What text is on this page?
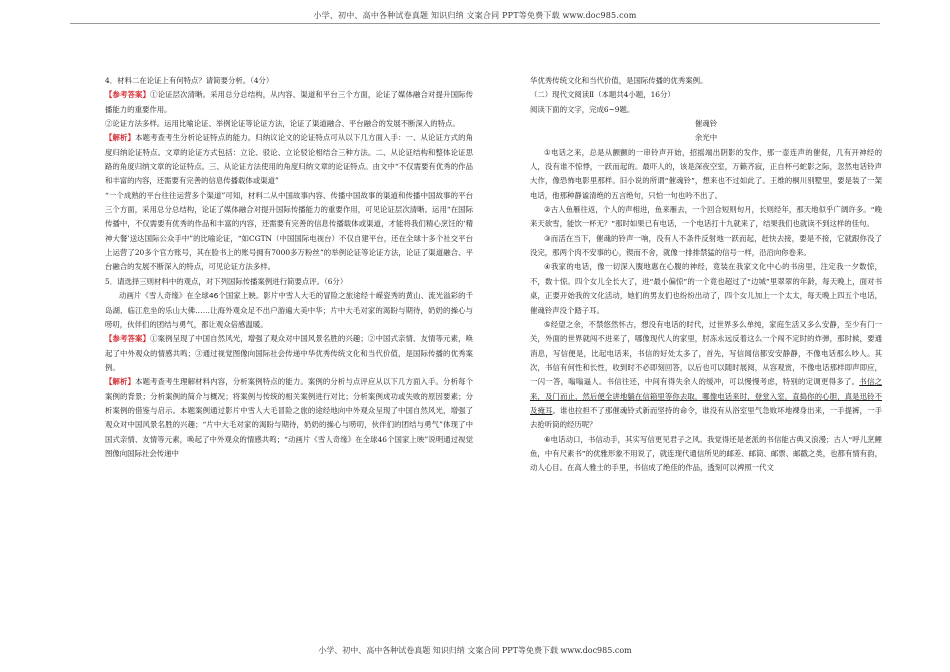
小学、初中、高中各种试卷真题 知识归纳 文案合同 PPT等免费下载 www.doc985.com

4．材料二在论证上有何特点？请简要分析。（4分）

【参考答案】①论证层次清晰。采用总分总结构，从内容、渠道和平台三个方面，论证了媒体融合对提升国际传播能力的重要作用。

②论证方法多样。运用比喻论证、举例论证等论证方法，论证了渠道融合、平台融合的发展不断深入的特点。

【解析】本题考查考生分析论证特点的能力。归纳议论文的论证特点可从以下几方面入手：一、从论证方式的角度归纳论证特点。文章的论证方式包括：立论、驳论、立论驳论相结合三种方法。二、从论证结构和整体论证思路的角度归纳文章的论证特点。三、从论证方法使用的角度归纳文章的论证特点。由文中“不仅需要有优秀的作品和丰富的内容，还需要有完善的信息传播载体或渠道”

“一个成熟的平台往往运营多个渠道”可知，材料二从中国故事内容、传播中国故事的渠道和传播中国故事的平台三个方面，采用总分总结构，论证了媒体融合对提升国际传播能力的重要作用，可见论证层次清晰。运用“在国际传播中，不仅需要有优秀的作品和丰富的内容，还需要有完善的信息传播载体或渠道，才能将我们精心烹饪的‘精神大餐’送达国际公众手中”的比喻论证，“如CGTN（中国国际电视台）不仅自建平台，还在全球十多个社交平台上运营了20多个官方账号，其在脸书上的账号拥有7000多万粉丝”的举例论证等论证方法，论证了渠道融合、平台融合的发展不断深入的特点，可见论证方法多样。

5．请选择三则材料中的观点，对下列国际传播案例进行简要点评。（6分）

动画片《雪人奇缘》在全球46个国家上映。影片中雪人大毛的冒险之旅途经十嵘瓷秀的黄山、流光溢彩的千岛湖、临江危坐的乐山大佛……让海外观众足不出户游遍大美中华；片中大毛对家的渴盼与期待，奶奶的操心与唠叨，伙伴们的团结与勇气，都让观众倍感温暖。

【参考答案】①案例呈现了中国自然风光，增强了观众对中国风景名胜的兴趣；②中国式亲情、友情等元素，唤起了中外观众的情感共鸣；③通过视觉图像向国际社会传递中华优秀传统文化和当代价值，是国际传播的优秀案例。

【解析】本题考查考生理解材料内容，分析案例特点的能力。案例的分析与点评应从以下几方面入手。分析每个案例的背景；分析案例的简介与概况；将案例与传统的相关案例进行对比；分析案例成功或失败的原因要素；分析案例的借鉴与启示。本题案例通过影片中雪人大毛冒险之旅的途经地向中外观众呈现了中国自然风光，增强了观众对中国风景名胜的兴趣；“片中大毛对家的渴盼与期待，奶奶的操心与唠叨，伙伴们的团结与勇气”体现了中国式亲情、友情等元素，唤起了中外观众的情感共鸣；“动画片《雪人奇缘》在全球46个国家上映”说明通过视觉图像向国际社会传递中

华优秀传统文化和当代价值，是国际传播的优秀案例。

（二）现代文阅读Ⅱ（本题共4小题，16分）

阅读下面的文字，完成6~9题。

催魂铃

余光中

①电话之来，总是从颤颤的一串铃声开始，招摇端出阴影的发作，那一壶连声的催促，几有开神经的人，没有谁不惊悸，一跃而起的。最吓人的，该是深夜空室，万籁齐寂，正自杯弓蛇影之际，忽然电话铃声大作，像恐怖电影里那样。旧小说的所谓“催魂铃”，想来也不过如此了。王维的桐川别墅里，要是装了一架电话，他那种静谧清绝的五言绝句，只怕一句也吟不出了。

②古人鱼雁往返，个人的声相进，鱼来雁去，一个回合短则旬月，长则经年，那天地似乎广阔许多。“晚来天欲雪，能饮一杯无？”那时如果已有电话，一个电话打十九就来了，结果我们也就读不到这样的佳句。

③而活在当下，催魂的铃声一响，没有人不条件反射地一跃而起，赶快去接，要是不接，它就跟你没了没完，那两个肉不安事的心，锲而不舍，就像一排排禁猛的信号一样，沿沿向你卷来。

④我家的电话，像一切深入腹地惠在心腹的神经，竟装在我家文化中心的书房里，注定我一夕数惊，不，数十惊。四个女儿全长大了，进“最小偏惊”的一个竟也超过了“边城”里翠翠的年龄，每天晚上，面对书桌，正要开始我的文化活动，她们的男友们也纷纷出动了，四个女儿加上一个太太，每天晚上四五个电话，催魂铃声没个踏子耳。

⑤经望之余，不禁悠然怀古，想没有电话的时代，过世界多么单纯，家庭生活又多么安静，至少有门一关，外面的世界就闯不进来了，哪像现代人的家里，肘冻永远反着这么一个闯不定时的炸弹，那时候，要通消息，写信便是，比起电话来，书信的好处太多了，首先，写信闻信都安安静静，不像电话那么吵人。其次，书信有何性和长性，收到时不必即刻回答，以后也可以随时展阅，从容观赏，不像电话那样即声即应，一闪一答，嗡嗡逼人。书信往还，中间有得失余人的缓冲，可以慢慢考虑，特别的定调更得多了。书信之来，及门而止，然后便全讲地躺在信箱里等你去取，哪像电话来时，登堂入室，直捣你的心胆，真是迅铃不及掩耳。谁也拉担不了那催魂铃式新而坚持的命令，谁没有从浴室里气急败坏地裸身出来，一手提裤，一手去抢听筒的经历呢？

⑥电话动口，书信动手，其实写信更见君子之风。我觉得还是老派的书信能古典又浪漫；古人“呼儿烹鲤鱼，中有尺素书”的优雅形象不用说了，就连现代通信所见的邮差、邮筒、邮票、邮戳之类，也都有情有韵，动人心目。在高人雅士的手里，书信成了绝佳的作品，透刻可以裨照一代文

小学、初中、高中各种试卷真题 知识归纳 文案合同 PPT等免费下载 www.doc985.com
